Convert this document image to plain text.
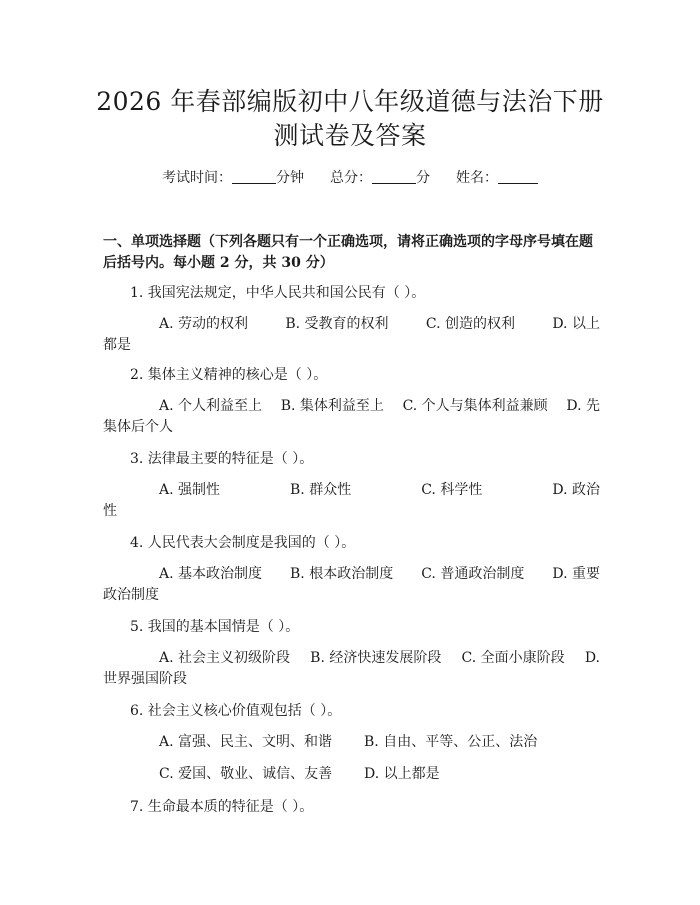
2026 年春部编版初中八年级道德与法治下册
测试卷及答案
考试时间：	分钟 总分：	分 姓名：
一、单项选择题（下列各题只有一个正确选项，请将正确选项的字母序号填在题后括号内。每小题 2 分，共 30 分）
1. 我国宪法规定，中华人民共和国公民有（ ）。
A. 劳动的权利	B. 受教育的权利	C. 创造的权利	D. 以上
都是
2. 集体主义精神的核心是（ ）。
A. 个人利益至上 B. 集体利益至上 C. 个人与集体利益兼顾 D. 先
集体后个人
3. 法律最主要的特征是（ ）。
A. 强制性	B. 群众性	C. 科学性	D. 政治
性
4. 人民代表大会制度是我国的（ ）。
A. 基本政治制度 B. 根本政治制度 C. 普通政治制度 D. 重要
政治制度
5. 我国的基本国情是（ ）。
A. 社会主义初级阶段 B. 经济快速发展阶段 C. 全面小康阶段 D.
世界强国阶段
6. 社会主义核心价值观包括（ ）。
A. 富强、民主、文明、和谐	B. 自由、平等、公正、法治
C. 爱国、敬业、诚信、友善	D. 以上都是
7. 生命最本质的特征是（ ）。
